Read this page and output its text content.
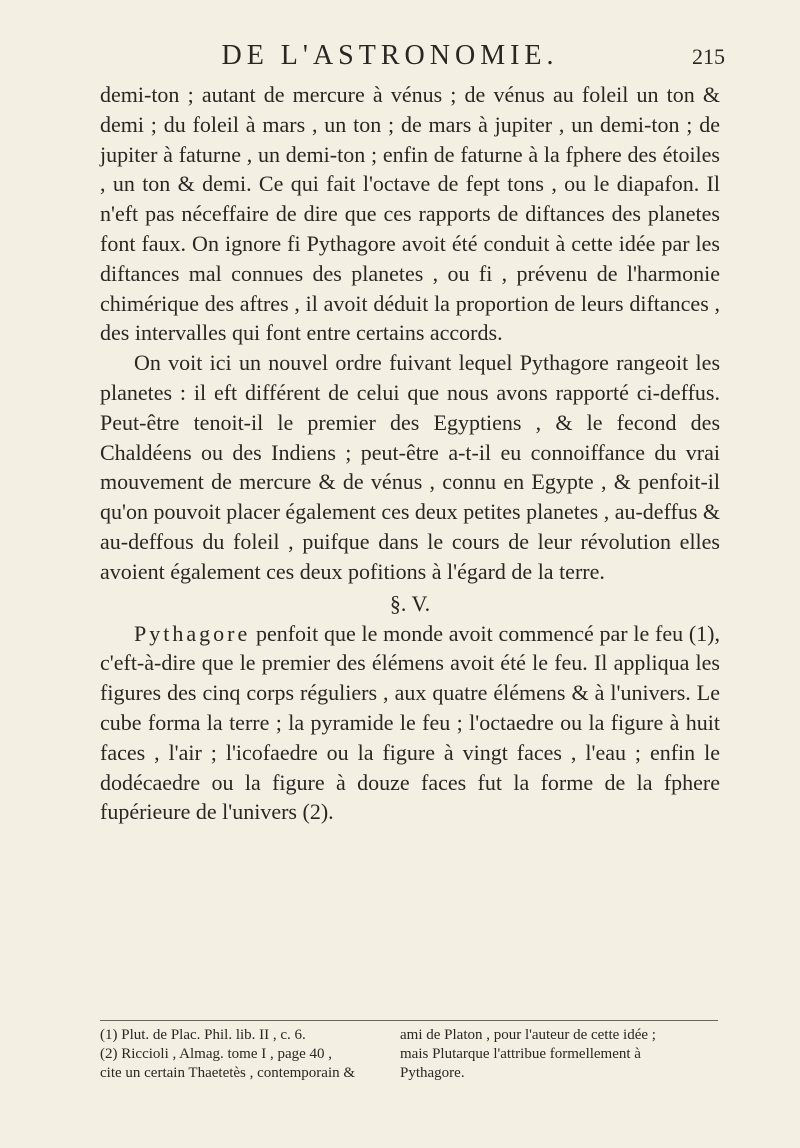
DE L'ASTRONOMIE.	215

demi-ton ; autant de mercure à vénus ; de vénus au foleil un ton & demi ; du foleil à mars , un ton ; de mars à jupiter , un demi-ton ; de jupiter à faturne , un demi-ton ; enfin de faturne à la fphere des étoiles , un ton & demi. Ce qui fait l'octave de fept tons , ou le diapafon. Il n'eft pas néceffaire de dire que ces rapports de diftances des planetes font faux. On ignore fi Pythagore avoit été conduit à cette idée par les diftances mal connues des planetes , ou fi , prévenu de l'harmonie chimérique des aftres , il avoit déduit la proportion de leurs diftances , des intervalles qui font entre certains accords.

On voit ici un nouvel ordre fuivant lequel Pythagore rangeoit les planetes : il eft différent de celui que nous avons rapporté ci-deffus. Peut-être tenoit-il le premier des Egyptiens , & le fecond des Chaldéens ou des Indiens ; peut-être a-t-il eu connoiffance du vrai mouvement de mercure & de vénus , connu en Egypte , & penfoit-il qu'on pouvoit placer également ces deux petites planetes , au-deffus & au-deffous du foleil , puifque dans le cours de leur révolution elles avoient également ces deux pofitions à l'égard de la terre.

§. V.

Pythagore penfoit que le monde avoit commencé par le feu (1), c'eft-à-dire que le premier des élémens avoit été le feu. Il appliqua les figures des cinq corps réguliers , aux quatre élémens & à l'univers. Le cube forma la terre ; la pyramide le feu ; l'octaedre ou la figure à huit faces , l'air ; l'icofaedre ou la figure à vingt faces , l'eau ; enfin le dodécaedre ou la figure à douze faces fut la forme de la fphere fupérieure de l'univers (2).

(1) Plut. de Plac. Phil. lib. II , c. 6.	ami de Platon , pour l'auteur de cette idée ;
(2) Riccioli , Almag. tome I , page 40 ,	mais Plutarque l'attribue formellement à
cite un certain Thaetetès , contemporain &	Pythagore.
